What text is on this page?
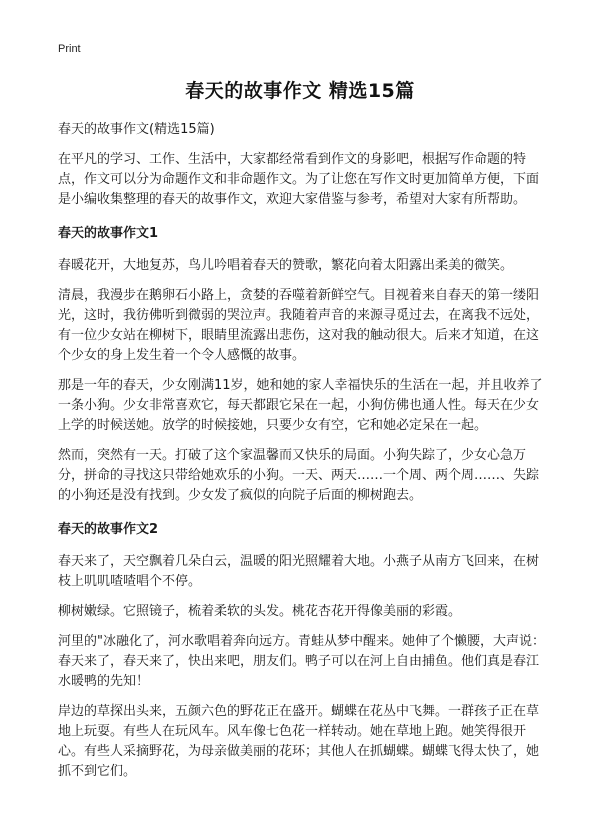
Print
春天的故事作文 精选15篇

春天的故事作文(精选15篇)

在平凡的学习、工作、生活中，大家都经常看到作文的身影吧，根据写作命题的特点，作文可以分为命题作文和非命题作文。为了让您在写作文时更加简单方便，下面是小编收集整理的春天的故事作文，欢迎大家借鉴与参考，希望对大家有所帮助。

春天的故事作文1

春暖花开，大地复苏，鸟儿吟唱着春天的赞歌，繁花向着太阳露出柔美的微笑。

清晨，我漫步在鹅卵石小路上，贪婪的吞噬着新鲜空气。目视着来自春天的第一缕阳光，这时，我彷佛听到微弱的哭泣声。我随着声音的来源寻觅过去，在离我不远处，有一位少女站在柳树下，眼睛里流露出悲伤，这对我的触动很大。后来才知道，在这个少女的身上发生着一个令人感慨的故事。

那是一年的春天，少女刚满11岁，她和她的家人幸福快乐的生活在一起，并且收养了一条小狗。少女非常喜欢它，每天都跟它呆在一起，小狗仿佛也通人性。每天在少女上学的时候送她。放学的时候接她，只要少女有空，它和她必定呆在一起。

然而，突然有一天。打破了这个家温馨而又快乐的局面。小狗失踪了，少女心急万分，拼命的寻找这只带给她欢乐的小狗。一天、两天……一个周、两个周……、失踪的小狗还是没有找到。少女发了疯似的向院子后面的柳树跑去。

春天的故事作文2

春天来了，天空飘着几朵白云，温暖的阳光照耀着大地。小燕子从南方飞回来，在树枝上叽叽喳喳唱个不停。

柳树嫩绿。它照镜子，梳着柔软的头发。桃花杏花开得像美丽的彩霞。

河里的"冰融化了，河水歌唱着奔向远方。青蛙从梦中醒来。她伸了个懒腰，大声说：春天来了，春天来了，快出来吧，朋友们。鸭子可以在河上自由捕鱼。他们真是春江水暖鸭的先知！

岸边的草探出头来，五颜六色的野花正在盛开。蝴蝶在花丛中飞舞。一群孩子正在草地上玩耍。有些人在玩风车。风车像七色花一样转动。她在草地上跑。她笑得很开心。有些人采摘野花，为母亲做美丽的花环；其他人在抓蝴蝶。蝴蝶飞得太快了，她抓不到它们。
